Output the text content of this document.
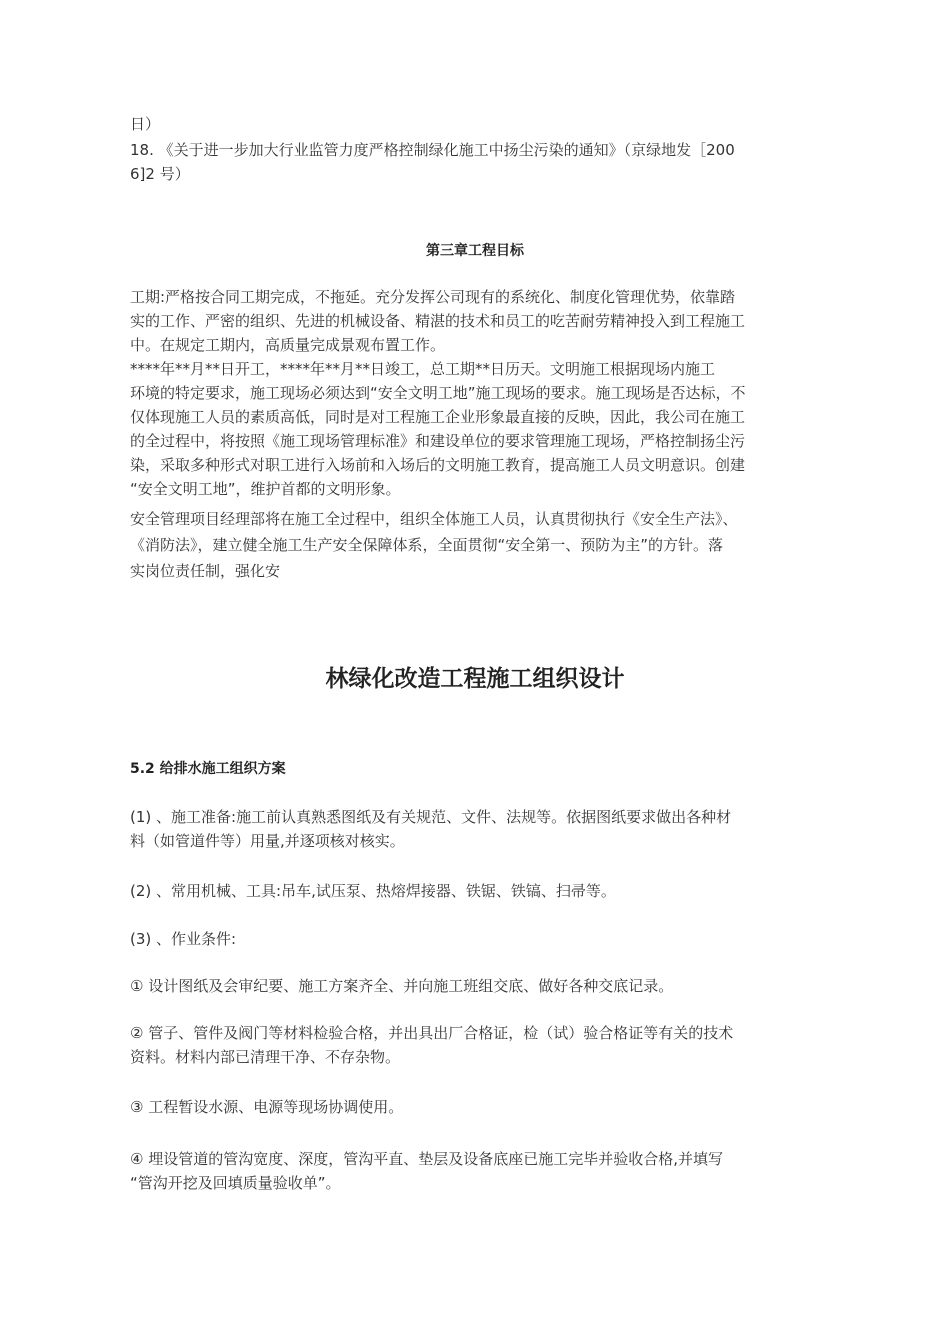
日）
18. 《关于进一步加大行业监管力度严格控制绿化施工中扬尘污染的通知》（京绿地发［200
6]2 号）
第三章工程目标
工期:严格按合同工期完成，不拖延。充分发挥公司现有的系统化、制度化管理优势，依靠踏
实的工作、严密的组织、先进的机械设备、精湛的技术和员工的吃苦耐劳精神投入到工程施工
中。在规定工期内，高质量完成景观布置工作。
****年**月**日开工，****年**月**日竣工，总工期**日历天。文明施工根据现场内施工
环境的特定要求，施工现场必须达到“安全文明工地”施工现场的要求。施工现场是否达标，不
仅体现施工人员的素质高低，同时是对工程施工企业形象最直接的反映，因此，我公司在施工
的全过程中，将按照《施工现场管理标准》和建设单位的要求管理施工现场，严格控制扬尘污
染，采取多种形式对职工进行入场前和入场后的文明施工教育，提高施工人员文明意识。创建
“安全文明工地”，维护首都的文明形象。
安全管理项目经理部将在施工全过程中，组织全体施工人员，认真贯彻执行《安全生产法》、
《消防法》，建立健全施工生产安全保障体系，全面贯彻“安全第一、预防为主”的方针。落
实岗位责任制，强化安
林绿化改造工程施工组织设计
5.2 给排水施工组织方案
(1) 、施工准备:施工前认真熟悉图纸及有关规范、文件、法规等。依据图纸要求做出各种材
料（如管道件等）用量,并逐项核对核实。
(2) 、常用机械、工具:吊车,试压泵、热熔焊接器、铁锯、铁镐、扫帚等。
(3) 、作业条件:
① 设计图纸及会审纪要、施工方案齐全、并向施工班组交底、做好各种交底记录。
② 管子、管件及阀门等材料检验合格，并出具出厂合格证，检（试）验合格证等有关的技术
资料。材料内部已清理干净、不存杂物。
③ 工程暂设水源、电源等现场协调使用。
④ 埋设管道的管沟宽度、深度，管沟平直、垫层及设备底座已施工完毕并验收合格,并填写
“管沟开挖及回填质量验收单”。
